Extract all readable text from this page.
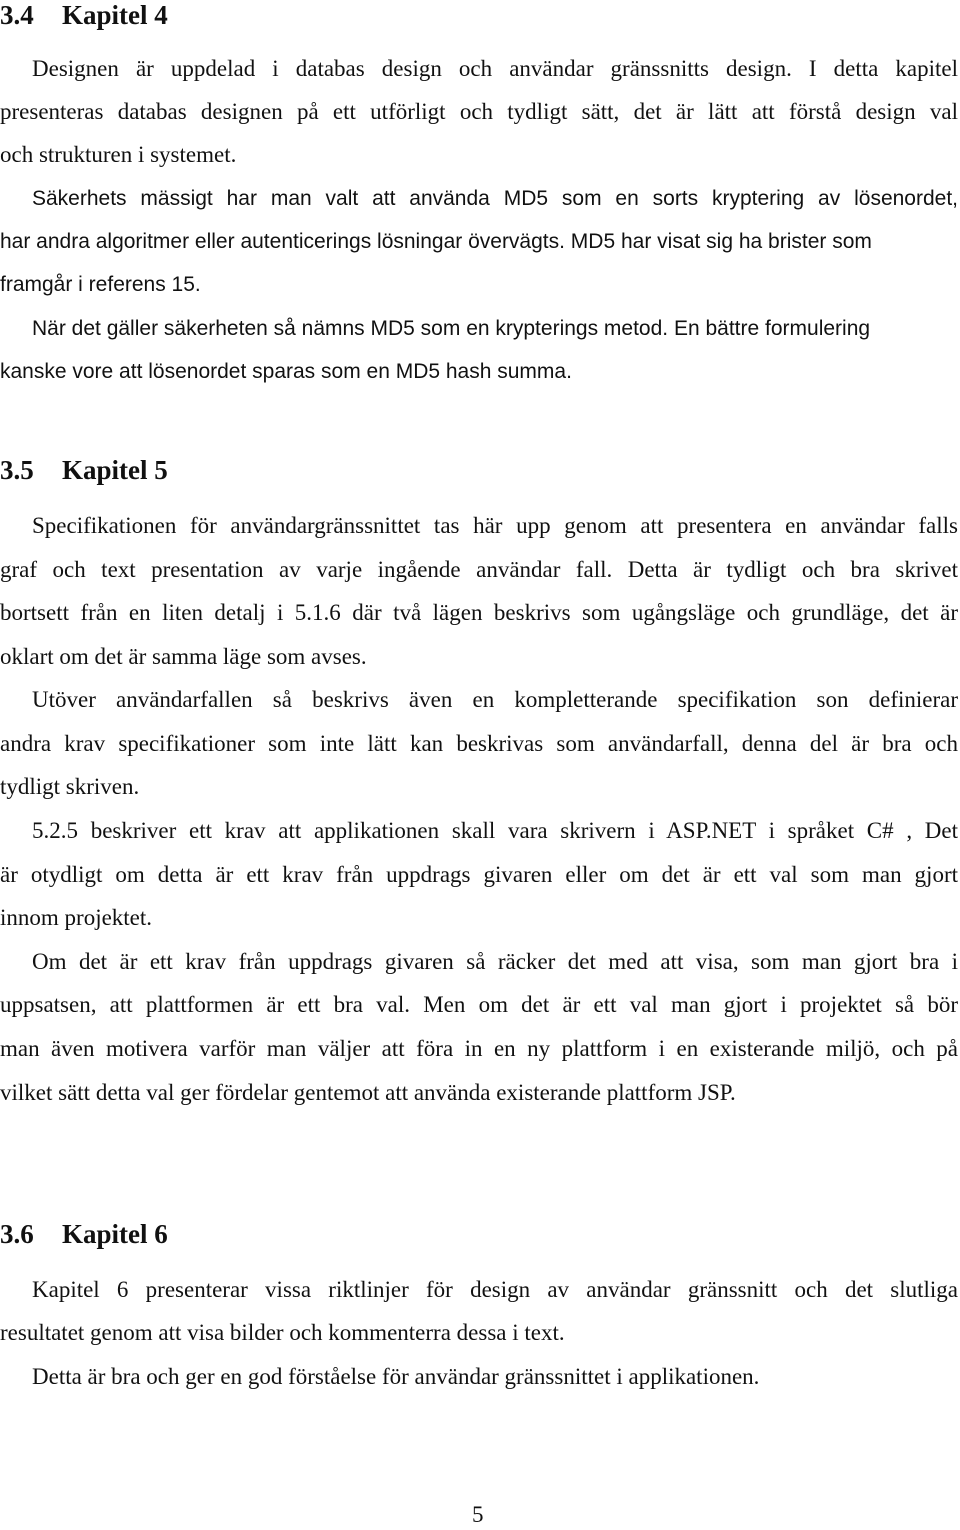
3.4 Kapitel 4
Designen är uppdelad i databas design och användar gränssnitts design. I detta kapitel
presenteras databas designen på ett utförligt och tydligt sätt, det är lätt att förstå design val
och strukturen i systemet.
Säkerhets mässigt har man valt att använda MD5 som en sorts kryptering av lösenordet,
har andra algoritmer eller autenticerings lösningar övervägts. MD5 har visat sig ha brister som
framgår i referens 15.
När det gäller säkerheten så nämns MD5 som en krypterings metod. En bättre formulering
kanske vore att lösenordet sparas som en MD5 hash summa.
3.5 Kapitel 5
Specifikationen för användargränssnittet tas här upp genom att presentera en användar falls
graf och text presentation av varje ingående användar fall. Detta är tydligt och bra skrivet
bortsett från en liten detalj i 5.1.6 där två lägen beskrivs som ugångsläge och grundläge, det är
oklart om det är samma läge som avses.
Utöver användarfallen så beskrivs även en kompletterande specifikation son definierar
andra krav specifikationer som inte lätt kan beskrivas som användarfall, denna del är bra och
tydligt skriven.
5.2.5 beskriver ett krav att applikationen skall vara skrivern i ASP.NET i språket C# , Det
är otydligt om detta är ett krav från uppdrags givaren eller om det är ett val som man gjort
innom projektet.
Om det är ett krav från uppdrags givaren så räcker det med att visa, som man gjort bra i
uppsatsen, att plattformen är ett bra val. Men om det är ett val man gjort i projektet så bör
man även motivera varför man väljer att föra in en ny plattform i en existerande miljö, och på
vilket sätt detta val ger fördelar gentemot att använda existerande plattform JSP.
3.6 Kapitel 6
Kapitel 6 presenterar vissa riktlinjer för design av användar gränssnitt och det slutliga
resultatet genom att visa bilder och kommenterra dessa i text.
Detta är bra och ger en god förståelse för användar gränssnittet i applikationen.
5
